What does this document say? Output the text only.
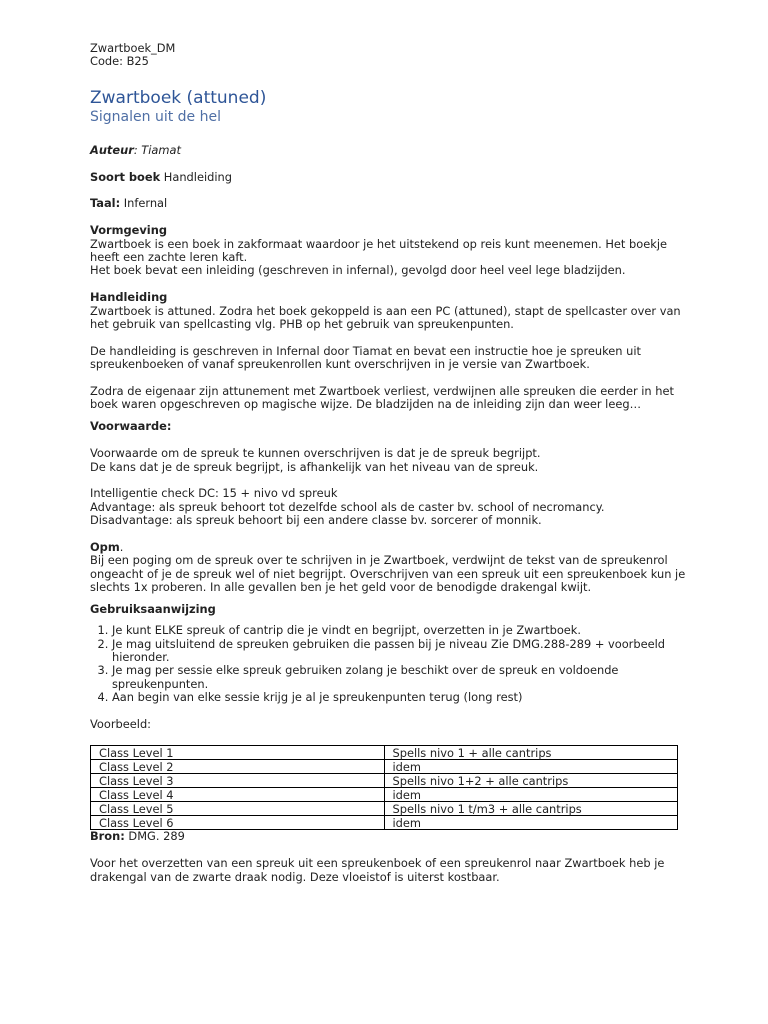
Zwartboek_DM

Code: B25

Zwartboek (attuned)

Signalen uit de hel

Auteur: Tiamat

Soort boek Handleiding

Taal: Infernal

Vormgeving

Zwartboek is een boek in zakformaat waardoor je het uitstekend op reis kunt meenemen. Het boekje heeft een zachte leren kaft.

Het boek bevat een inleiding (geschreven in infernal), gevolgd door heel veel lege bladzijden.

Handleiding

Zwartboek is attuned. Zodra het boek gekoppeld is aan een PC (attuned), stapt de spellcaster over van het gebruik van spellcasting vlg. PHB op het gebruik van spreukenpunten.

De handleiding is geschreven in Infernal door Tiamat en bevat een instructie hoe je spreuken uit spreukenboeken of vanaf spreukenrollen kunt overschrijven in je versie van Zwartboek.

Zodra de eigenaar zijn attunement met Zwartboek verliest, verdwijnen alle spreuken die eerder in het boek waren opgeschreven op magische wijze. De bladzijden na de inleiding zijn dan weer leeg…

Voorwaarde:

Voorwaarde om de spreuk te kunnen overschrijven is dat je de spreuk begrijpt.

De kans dat je de spreuk begrijpt, is afhankelijk van het niveau van de spreuk.

Intelligentie check DC: 15 + nivo vd spreuk

Advantage: als spreuk behoort tot dezelfde school als de caster bv. school of necromancy.

Disadvantage: als spreuk behoort bij een andere classe bv. sorcerer of monnik.

Opm.

Bij een poging om de spreuk over te schrijven in je Zwartboek, verdwijnt de tekst van de spreukenrol ongeacht of je de spreuk wel of niet begrijpt. Overschrijven van een spreuk uit een spreukenboek kun je slechts 1x proberen. In alle gevallen ben je het geld voor de benodigde drakengal kwijt.

Gebruiksaanwijzing

1. Je kunt ELKE spreuk of cantrip die je vindt en begrijpt, overzetten in je Zwartboek.
2. Je mag uitsluitend de spreuken gebruiken die passen bij je niveau Zie DMG.288-289 + voorbeeld hieronder.
3. Je mag per sessie elke spreuk gebruiken zolang je beschikt over de spreuk en voldoende spreukenpunten.
4. Aan begin van elke sessie krijg je al je spreukenpunten terug (long rest)

Voorbeeld:

Class Level 1	Spells nivo 1 + alle cantrips
Class Level 2	idem
Class Level 3	Spells nivo 1+2 + alle cantrips
Class Level 4	idem
Class Level 5	Spells nivo 1 t/m3 + alle cantrips
Class Level 6	idem

Bron: DMG. 289

Voor het overzetten van een spreuk uit een spreukenboek of een spreukenrol naar Zwartboek heb je drakengal van de zwarte draak nodig. Deze vloeistof is uiterst kostbaar.
